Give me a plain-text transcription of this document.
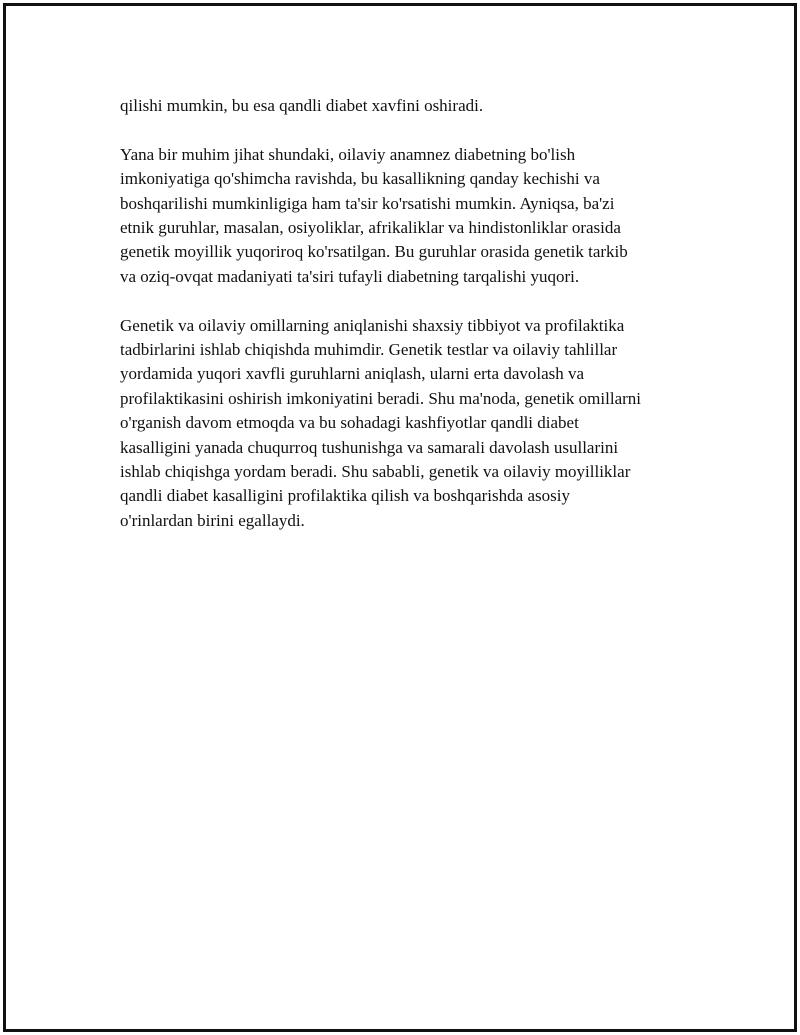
qilishi mumkin, bu esa qandli diabet xavfini oshiradi.

Yana bir muhim jihat shundaki, oilaviy anamnez diabetning bo'lish
imkoniyatiga qo'shimcha ravishda, bu kasallikning qanday kechishi va
boshqarilishi mumkinligiga ham ta'sir ko'rsatishi mumkin. Ayniqsa, ba'zi
etnik guruhlar, masalan, osiyoliklar, afrikaliklar va hindistonliklar orasida
genetik moyillik yuqoriroq ko'rsatilgan. Bu guruhlar orasida genetik tarkib
va oziq-ovqat madaniyati ta'siri tufayli diabetning tarqalishi yuqori.

Genetik va oilaviy omillarning aniqlanishi shaxsiy tibbiyot va profilaktika
tadbirlarini ishlab chiqishda muhimdir. Genetik testlar va oilaviy tahlillar
yordamida yuqori xavfli guruhlarni aniqlash, ularni erta davolash va
profilaktikasini oshirish imkoniyatini beradi. Shu ma'noda, genetik omillarni
o'rganish davom etmoqda va bu sohadagi kashfiyotlar qandli diabet
kasalligini yanada chuqurroq tushunishga va samarali davolash usullarini
ishlab chiqishga yordam beradi. Shu sababli, genetik va oilaviy moyilliklar
qandli diabet kasalligini profilaktika qilish va boshqarishda asosiy
o'rinlardan birini egallaydi.
